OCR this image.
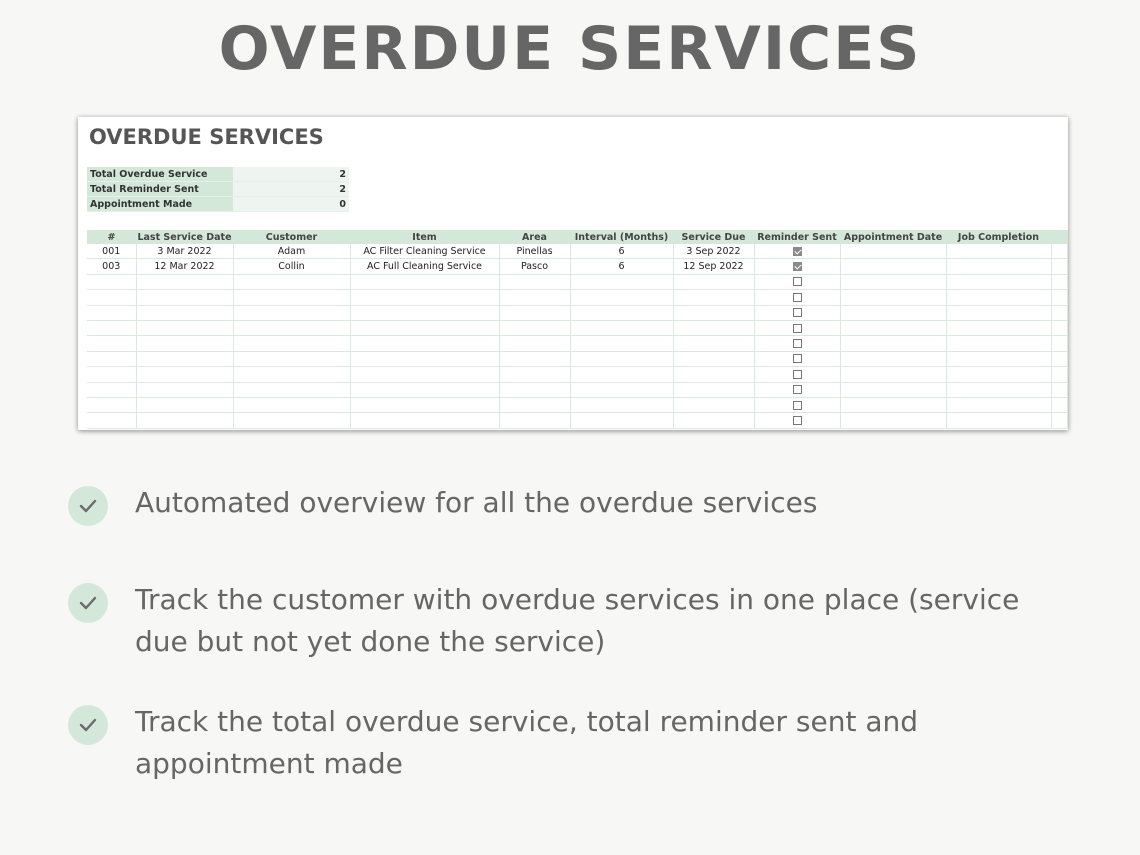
OVERDUE SERVICES
OVERDUE SERVICES
Total Overdue Service	2
Total Reminder Sent	2
Appointment Made	0
#	Last Service Date	Customer	Item	Area	Interval (Months)	Service Due	Reminder Sent	Appointment Date	Job Completion	
001	3 Mar 2022	Adam	AC Filter Cleaning Service	Pinellas	6	3 Sep 2022				
003	12 Mar 2022	Collin	AC Full Cleaning Service	Pasco	6	12 Sep 2022				

Automated overview for all the overdue services

Track the customer with overdue services in one place (service due but not yet done the service)

Track the total overdue service, total reminder sent and appointment made
